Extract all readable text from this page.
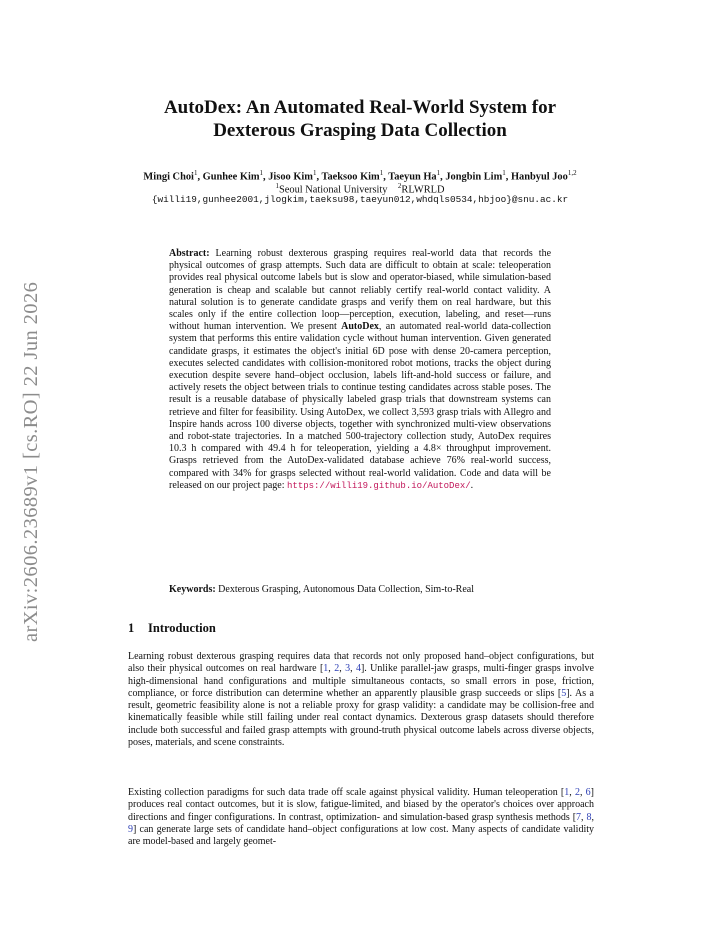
arXiv:2606.23689v1 [cs.RO] 22 Jun 2026
AutoDex: An Automated Real-World System for
Dexterous Grasping Data Collection
Mingi Choi$^1$, Gunhee Kim$^1$, Jisoo Kim$^1$, Taeksoo Kim$^1$, Taeyun Ha$^1$, Jongbin Lim$^1$, Hanbyul Joo$^{1,2}$
$^1$Seoul National University $^2$RLWRLD
{willi19,gunhee2001,jlogkim,taeksu98,taeyun012,whdqls0534,hbjoo}@snu.ac.kr
Abstract: Learning robust dexterous grasping requires real-world data that records the physical outcomes of grasp attempts. Such data are difficult to obtain at scale: teleoperation provides real physical outcome labels but is slow and operator-biased, while simulation-based generation is cheap and scalable but cannot reliably certify real-world contact validity. A natural solution is to generate candidate grasps and verify them on real hardware, but this scales only if the entire collection loop—perception, execution, labeling, and reset—runs without human intervention. We present AutoDex, an automated real-world data-collection system that performs this entire validation cycle without human intervention. Given generated candidate grasps, it estimates the object's initial 6D pose with dense 20-camera perception, executes selected candidates with collision-monitored robot motions, tracks the object during execution despite severe hand–object occlusion, labels lift-and-hold success or failure, and actively resets the object between trials to continue testing candidates across stable poses. The result is a reusable database of physically labeled grasp trials that downstream systems can retrieve and filter for feasibility. Using AutoDex, we collect 3,593 grasp trials with Allegro and Inspire hands across 100 diverse objects, together with synchronized multi-view observations and robot-state trajectories. In a matched 500-trajectory collection study, AutoDex requires 10.3 h compared with 49.4 h for teleoperation, yielding a 4.8× throughput improvement. Grasps retrieved from the AutoDex-validated database achieve 76% real-world success, compared with 34% for grasps selected without real-world validation. Code and data will be released on our project page: https://willi19.github.io/AutoDex/.
Keywords: Dexterous Grasping, Autonomous Data Collection, Sim-to-Real
1 Introduction
Learning robust dexterous grasping requires data that records not only proposed hand–object configurations, but also their physical outcomes on real hardware [1, 2, 3, 4]. Unlike parallel-jaw grasps, multi-finger grasps involve high-dimensional hand configurations and multiple simultaneous contacts, so small errors in pose, friction, compliance, or force distribution can determine whether an apparently plausible grasp succeeds or slips [5]. As a result, geometric feasibility alone is not a reliable proxy for grasp validity: a candidate may be collision-free and kinematically feasible while still failing under real contact dynamics. Dexterous grasp datasets should therefore include both successful and failed grasp attempts with ground-truth physical outcome labels across diverse objects, poses, materials, and scene constraints.
Existing collection paradigms for such data trade off scale against physical validity. Human teleoperation [1, 2, 6] produces real contact outcomes, but it is slow, fatigue-limited, and biased by the operator's choices over approach directions and finger configurations. In contrast, optimization- and simulation-based grasp synthesis methods [7, 8, 9] can generate large sets of candidate hand–object configurations at low cost. Many aspects of candidate validity are model-based and largely geomet-
